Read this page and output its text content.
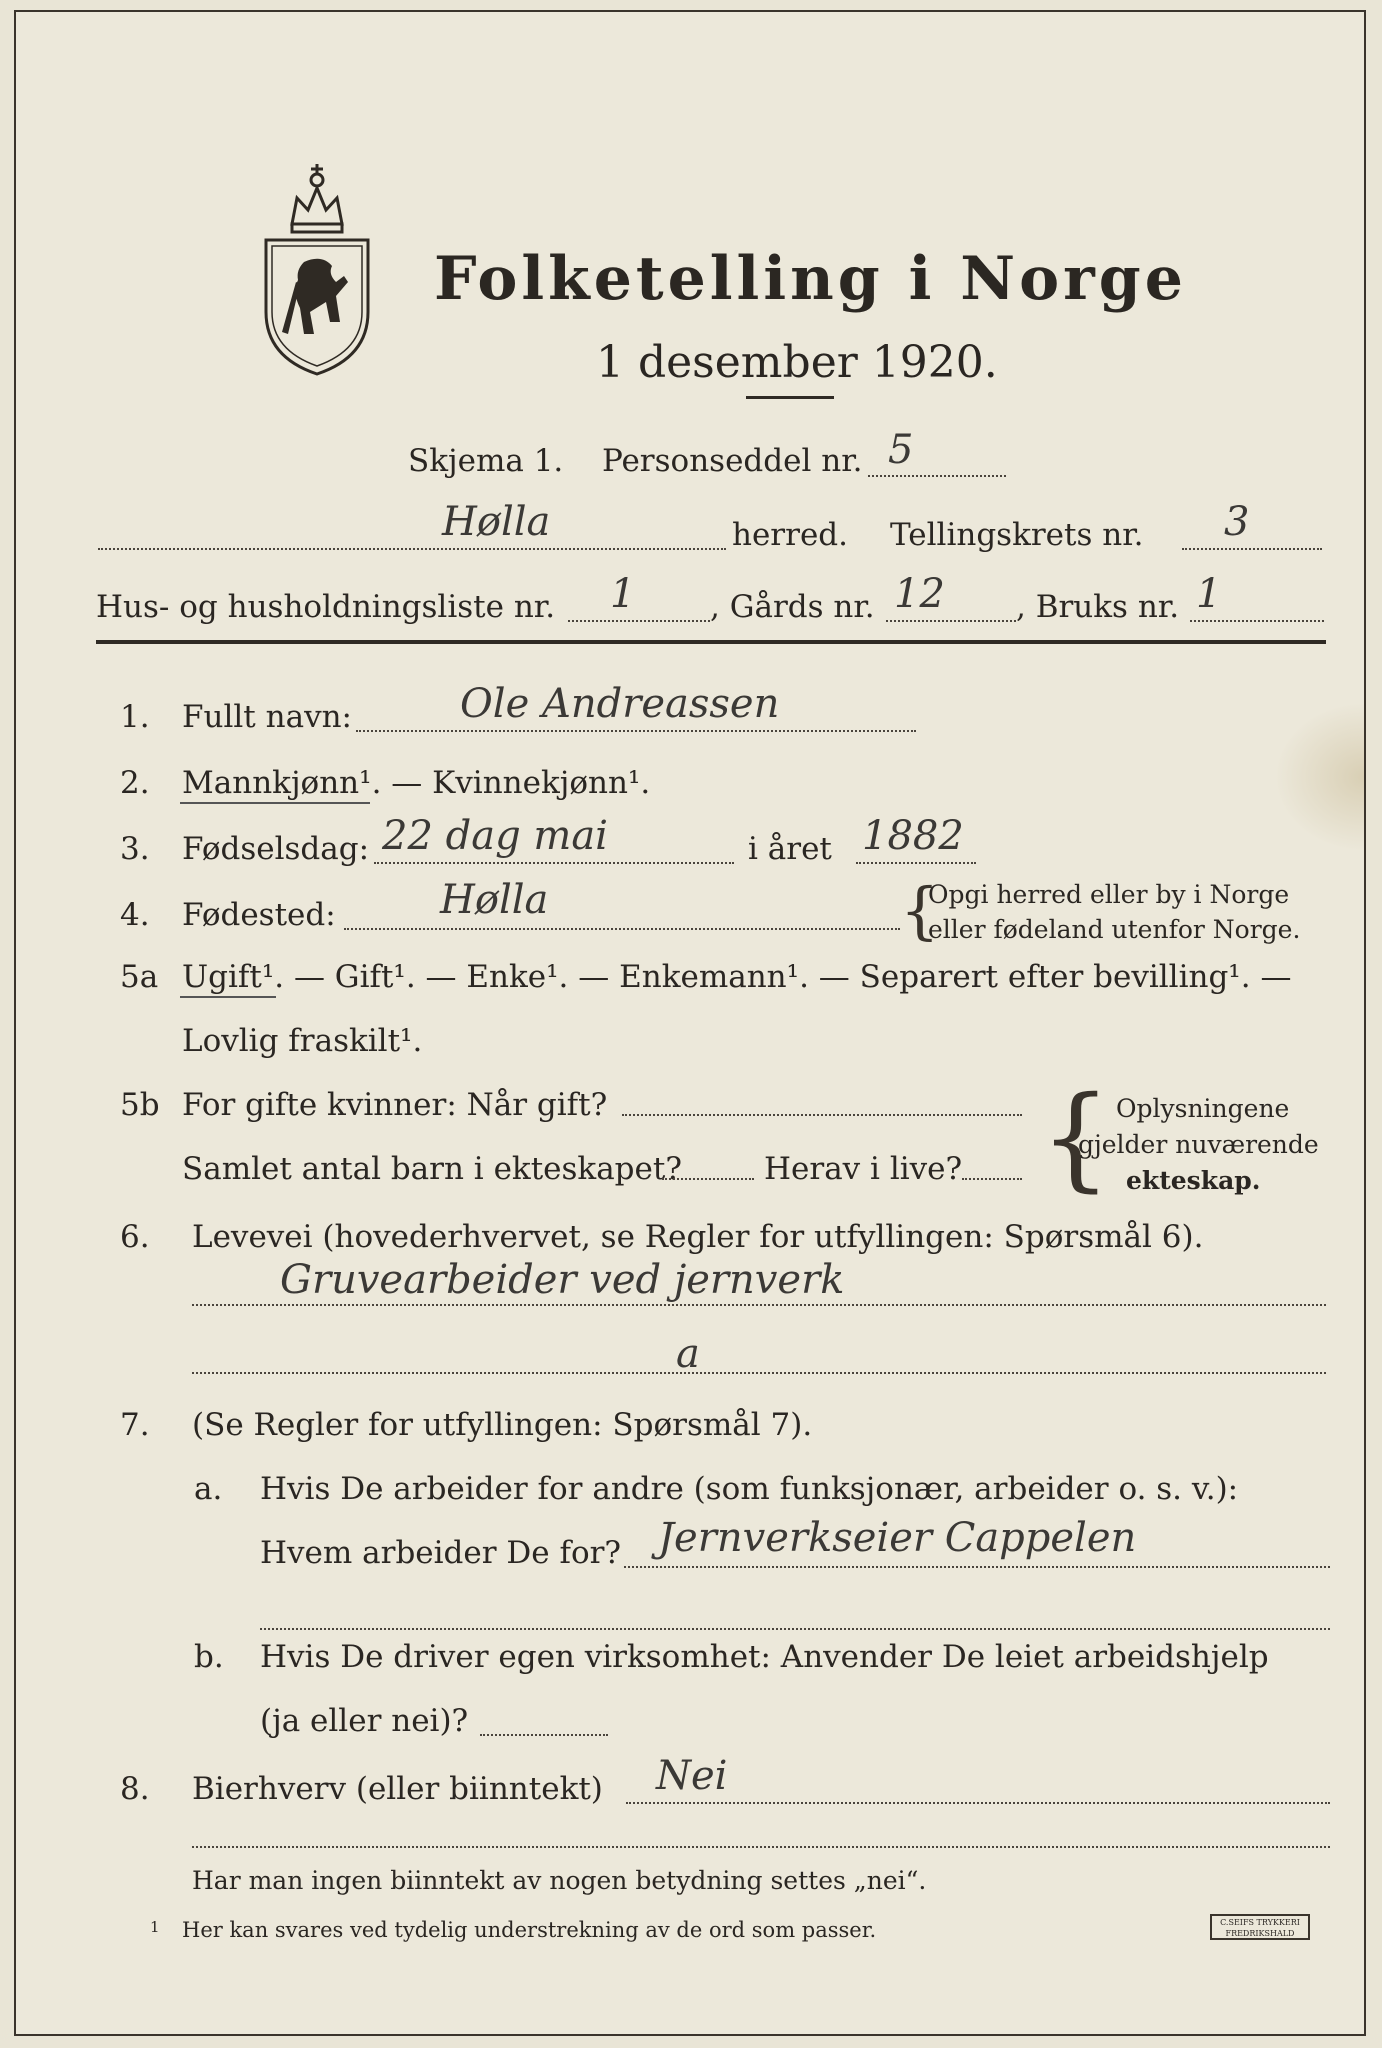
Folketelling i Norge
1 desember 1920.
Skjema 1. Personseddel nr. 5
Hølla	herred. Tellingskrets nr. 3
Hus- og husholdningsliste nr. 1 , Gårds nr. 12 , Bruks nr. 1
1. Fullt navn:	Ole Andreassen
2. Mannkjønn¹. — Kvinnekjønn¹.
3. Fødselsdag: 22 dag mai	i året 1882
4. Fødested:	Hølla	{
Opgi herred eller by i Norge
eller fødeland utenfor Norge.
5a Ugift¹. — Gift¹. — Enke¹. — Enkemann¹. — Separert efter bevilling¹. —
Lovlig fraskilt¹.
5b For gifte kvinner: Når gift?
Samlet antal barn i ekteskapet?	Herav i live? { Oplysningene
gjelder nuværende
ekteskap.
6. Levevei (hovederhvervet, se Regler for utfyllingen: Spørsmål 6).
Gruvearbeider ved jernverk
a
7. (Se Regler for utfyllingen: Spørsmål 7).
a. Hvis De arbeider for andre (som funksjonær, arbeider o. s. v.):
Hvem arbeider De for? Jernverkseier Cappelen
b. Hvis De driver egen virksomhet: Anvender De leiet arbeidshjelp
(ja eller nei)?
8. Bierhverv (eller biinntekt) Nei
Har man ingen biinntekt av nogen betydning settes „nei“.
1 Her kan svares ved tydelig understrekning av de ord som passer.	C.SEIFS TRYKKERI
FREDRIKSHALD
